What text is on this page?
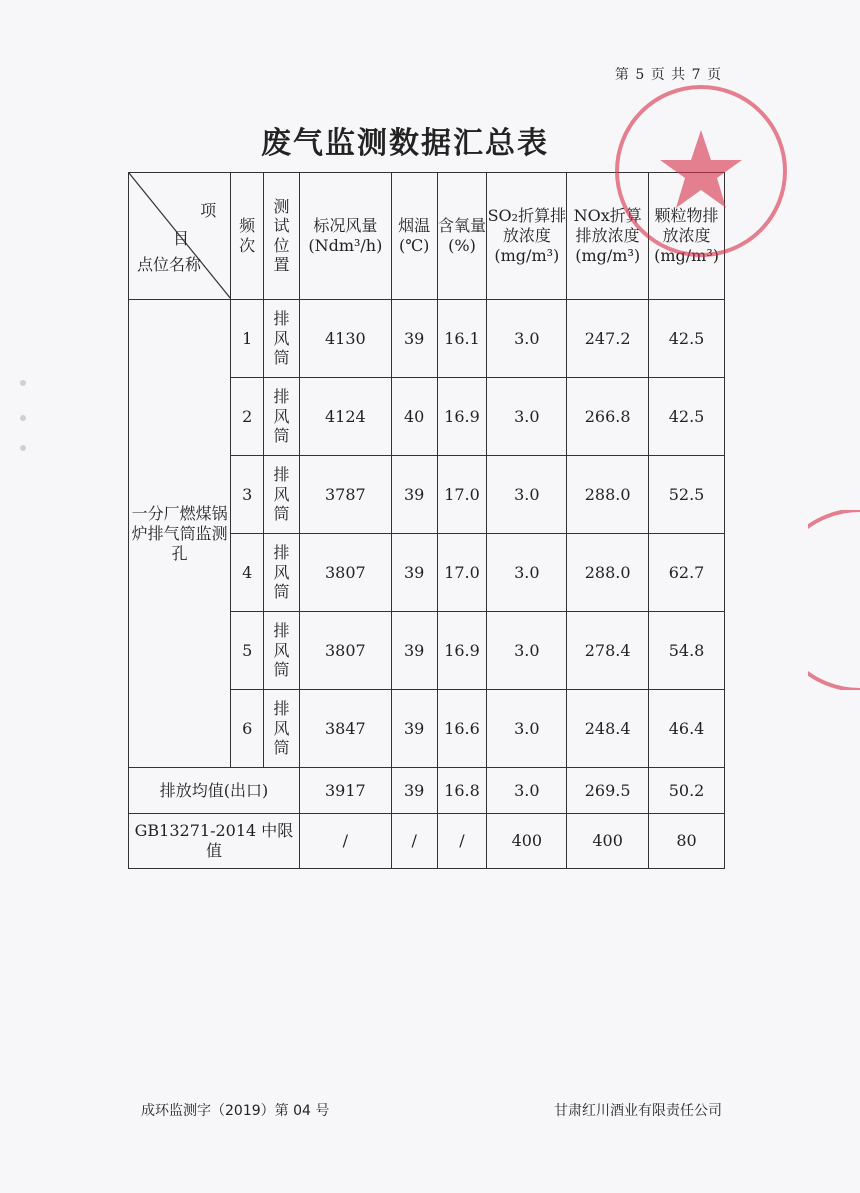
第 5 页 共 7 页
废气监测数据汇总表
项
目
点位名称	频次	测试位置	标况风量(Ndm³/h)	烟温(℃)	含氧量(%)	SO₂折算排放浓度(mg/m³)	NOx折算排放浓度(mg/m³)	颗粒物排放浓度(mg/m³)
一分厂燃煤锅炉排气筒监测孔	1	排风筒	4130	39	16.1	3.0	247.2	42.5
	2	排风筒	4124	40	16.9	3.0	266.8	42.5
	3	排风筒	3787	39	17.0	3.0	288.0	52.5
	4	排风筒	3807	39	17.0	3.0	288.0	62.7
	5	排风筒	3807	39	16.9	3.0	278.4	54.8
	6	排风筒	3847	39	16.6	3.0	248.4	46.4
排放均值(出口)			3917	39	16.8	3.0	269.5	50.2
GB13271-2014 中限值			/	/	/	400	400	80
成环监测字（2019）第 04 号	甘肃红川酒业有限责任公司
